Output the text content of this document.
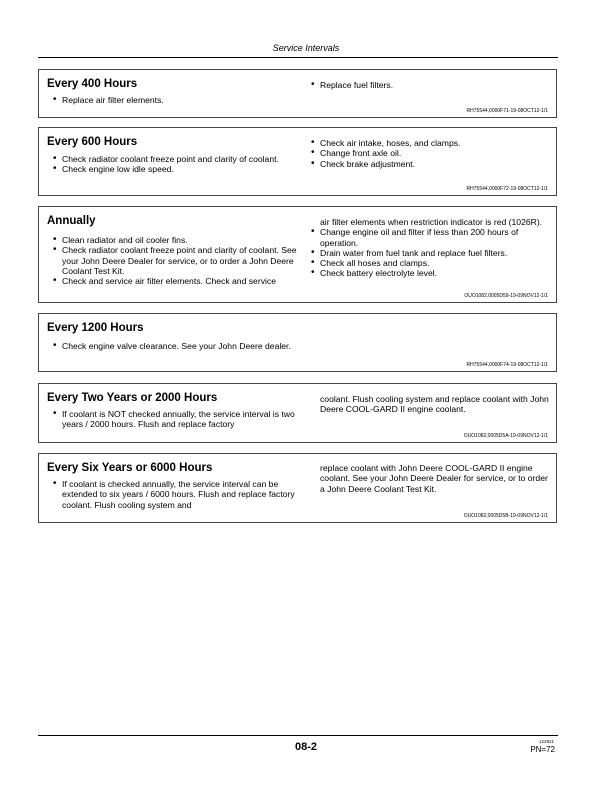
Service Intervals
Every 400 Hours
• Replace air filter elements.
• Replace fuel filters.
RH75544,0000F71-19-08OCT12-1/1
Every 600 Hours
• Check radiator coolant freeze point and clarity of coolant.
• Check engine low idle speed.
• Check air intake, hoses, and clamps.
• Change front axle oil.
• Check brake adjustment.
RH75544,0000F72-19-08OCT12-1/1
Annually
• Clean radiator and oil cooler fins.
• Check radiator coolant freeze point and clarity of coolant. See your John Deere Dealer for service, or to order a John Deere Coolant Test Kit.
• Check and service air filter elements. Check and service

air filter elements when restriction indicator is red (1026R).

• Change engine oil and filter if less than 200 hours of operation.
• Drain water from fuel tank and replace fuel filters.
• Check all hoses and clamps.
• Check battery electrolyte level.
OUO1082,0005D59-19-09NOV12-1/1
Every 1200 Hours
• Check engine valve clearance. See your John Deere dealer.
RH75544,0000F74-19-08OCT12-1/1
Every Two Years or 2000 Hours
• If coolant is NOT checked annually, the service interval is two years / 2000 hours. Flush and replace factory

coolant. Flush cooling system and replace coolant with John Deere COOL-GARD II engine coolant.

OUO1082,0005D5A-19-09NOV12-1/1
Every Six Years or 6000 Hours
• If coolant is checked annually, the service interval can be extended to six years / 6000 hours. Flush and replace factory coolant. Flush cooling system and

replace coolant with John Deere COOL-GARD II engine coolant. See your John Deere Dealer for service, or to order a John Deere Coolant Test Kit.

OUO1082,0005D5B-19-09NOV12-1/1
08-2	122921
PN=72
